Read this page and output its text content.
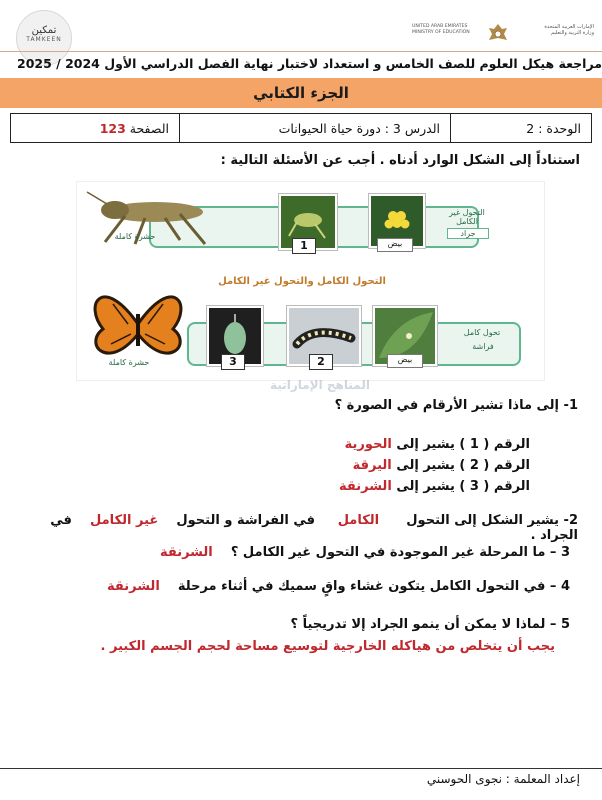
تمكين
TAMKEEN
UNITED ARAB EMIRATES
MINISTRY OF EDUCATION
الإمارات العربية المتحدة
وزارة التربية والتعليم
مراجعة هيكل العلوم للصف الخامس و استعداد لاختبار نهاية الفصل الدراسي الأول 2024 / 2025
الجزء الكتابي
الوحدة : 2	الدرس 3 : دورة حياة الحيوانات	الصفحة 123
استناداً إلى الشكل الوارد أدناه . أجب عن الأسئلة التالية :
حشرة كاملة
1	بيض
التحول غير الكامل
جراد
التحول الكامل والتحول غير الكامل
حشرة كاملة	3	2	بيض
تحول كامل
فراشة
المناهج الإماراتية
1- إلى ماذا تشير الأرقام في الصورة ؟
الرقم ( 1 ) يشير إلى الحورية
الرقم ( 2 ) يشير إلى اليرقة
الرقم ( 3 ) يشير إلى الشرنقة
2- يشير الشكل إلى التحول      الكامل     في الفراشة و التحول    غير الكامل    في الجراد .
3 – ما المرحلة غير الموجودة في التحول غير الكامل ؟    الشرنقة
4 – في التحول الكامل يتكون غشاء واقٍ سميك في أثناء مرحلة    الشرنقة
5 – لماذا لا يمكن أن ينمو الجراد إلا تدريجياً ؟
يجب أن يتخلص من هياكله الخارجية لتوسيع مساحة لحجم الجسم الكبير .
إعداد المعلمة : نجوى الحوسني
